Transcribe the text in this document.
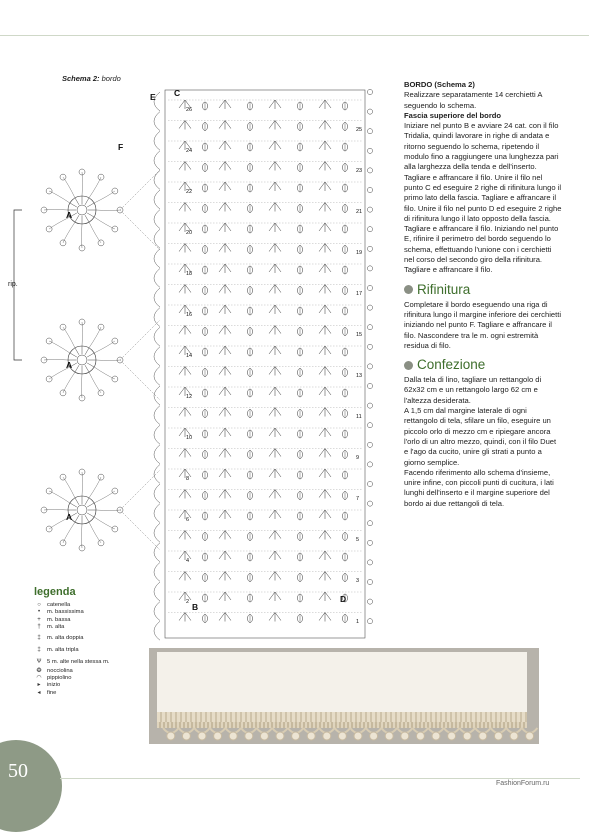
Schema 2: bordo
A
A
A
B
C
D
E
F
2
4
6
8
10
12
14
16
18
20
22
24
26
1
3
5
7
9
11
13
15
17
19
21
23
25
rip.
legenda
○	catenella
•	m. bassissima
+	m. bassa
†	m. alta
‡	m. alta doppia
‡	m. alta tripla
Ѱ 5 m. alte nella stessa m.
❂ nocciolina
◠ pippiolino
▸	inizio
◂	fine

BORDO (Schema 2)

Realizzare separatamente 14 cerchietti A seguendo lo schema.

Fascia superiore del bordo

Iniziare nel punto B e avviare 24 cat. con il filo Tridalia, quindi lavorare in righe di andata e ritorno seguendo lo schema, ripetendo il modulo fino a raggiungere una lunghezza pari alla larghezza della tenda e dell'inserto. Tagliare e affrancare il filo. Unire il filo nel punto C ed eseguire 2 righe di rifinitura lungo il primo lato della fascia. Tagliare e affrancare il filo. Unire il filo nel punto D ed eseguire 2 righe di rifinitura lungo il lato opposto della fascia. Tagliare e affrancare il filo. Iniziando nel punto E, rifinire il perimetro del bordo seguendo lo schema, effettuando l'unione con i cerchietti nel corso del secondo giro della rifinitura. Tagliare e affrancare il filo.

Rifinitura

Completare il bordo eseguendo una riga di rifinitura lungo il margine inferiore dei cerchietti iniziando nel punto F. Tagliare e affrancare il filo. Nascondere tra le m. ogni estremità residua di filo.

Confezione

Dalla tela di lino, tagliare un rettangolo di 62x32 cm e un rettangolo largo 62 cm e l'altezza desiderata.

A 1,5 cm dal margine laterale di ogni rettangolo di tela, sfilare un filo, eseguire un piccolo orlo di mezzo cm e ripiegare ancora l'orlo di un altro mezzo, quindi, con il filo Duet e l'ago da cucito, unire gli strati a punto a giorno semplice.

Facendo riferimento allo schema d'insieme, unire infine, con piccoli punti di cucitura, i lati lunghi dell'inserto e il margine superiore del bordo ai due rettangoli di tela.

50
FashionForum.ru
